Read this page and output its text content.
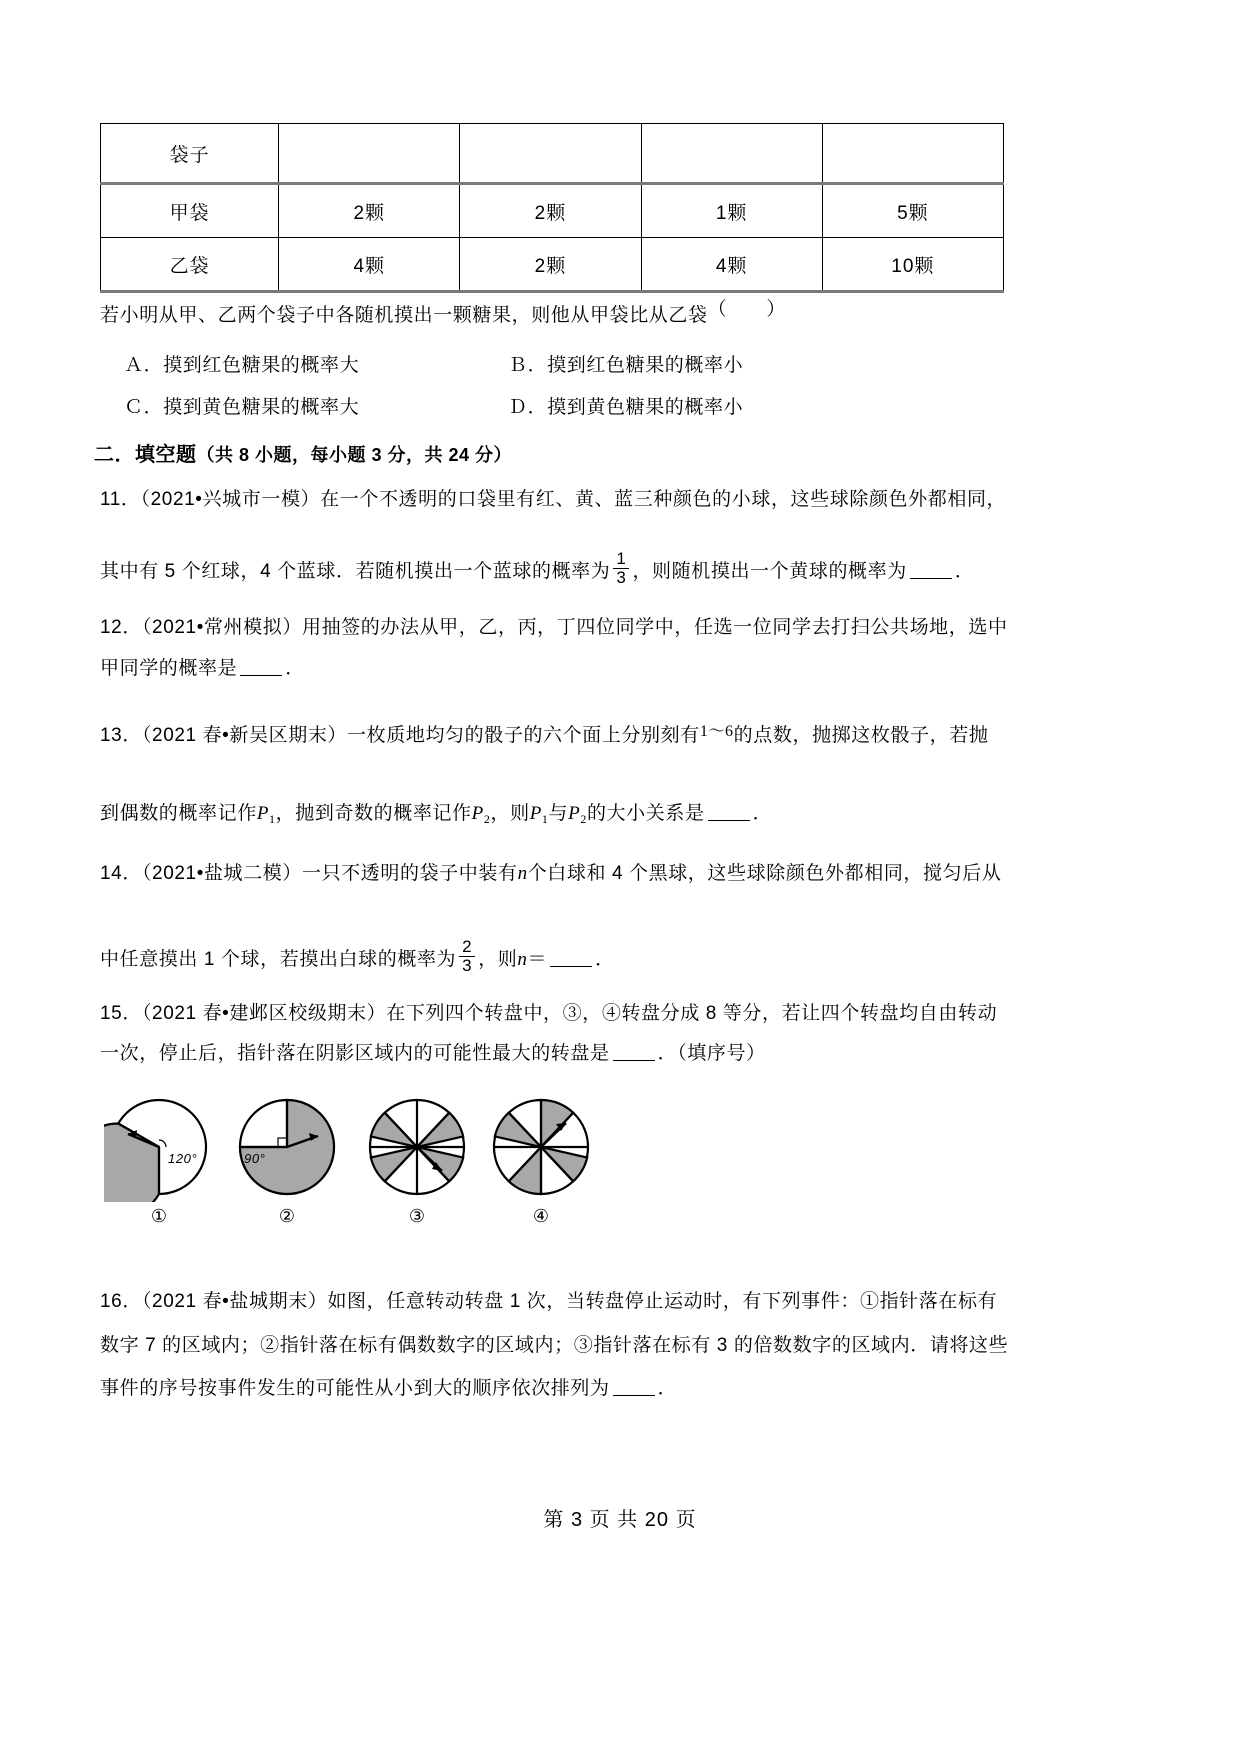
袋子				
甲袋	2颗	2颗	1颗	5颗
乙袋	4颗	2颗	4颗	10颗
若小明从甲、乙两个袋子中各随机摸出一颗糖果，则他从甲袋比从乙袋（　　）
Ａ．摸到红色糖果的概率大	Ｂ．摸到红色糖果的概率小
Ｃ．摸到黄色糖果的概率大	Ｄ．摸到黄色糖果的概率小
二．填空题（共 8 小题，每小题 3 分，共 24 分）
11．（2021•兴城市一模）在一个不透明的口袋里有红、黄、蓝三种颜色的小球，这些球除颜色外都相同，
其中有 5 个红球，4 个蓝球．若随机摸出一个蓝球的概率为 $\frac{1}{3}$ ，则随机摸出一个黄球的概率为	．
12．（2021•常州模拟）用抽签的办法从甲，乙，丙，丁四位同学中，任选一位同学去打扫公共场地，选中
甲同学的概率是	．
13．（2021 春•新吴区期末）一枚质地均匀的骰子的六个面上分别刻有$^{1\sim 6}$的点数，抛掷这枚骰子，若抛
到偶数的概率记作$P_1$，抛到奇数的概率记作$P_2$，则$P_1$与$P_2$的大小关系是	．
14．（2021•盐城二模）一只不透明的袋子中装有n个白球和 4 个黑球，这些球除颜色外都相同，搅匀后从
中任意摸出 1 个球，若摸出白球的概率为 $\frac{2}{3}$ ，则n＝	．
15．（2021 春•建邺区校级期末）在下列四个转盘中，③，④转盘分成 8 等分，若让四个转盘均自由转动
一次，停止后，指针落在阴影区域内的可能性最大的转盘是	．（填序号）
120°
①
90°
②	③	④
16．（2021 春•盐城期末）如图，任意转动转盘 1 次，当转盘停止运动时，有下列事件：①指针落在标有
数字 7 的区域内；②指针落在标有偶数数字的区域内；③指针落在标有 3 的倍数数字的区域内．请将这些
事件的序号按事件发生的可能性从小到大的顺序依次排列为	．
第 3 页 共 20 页
